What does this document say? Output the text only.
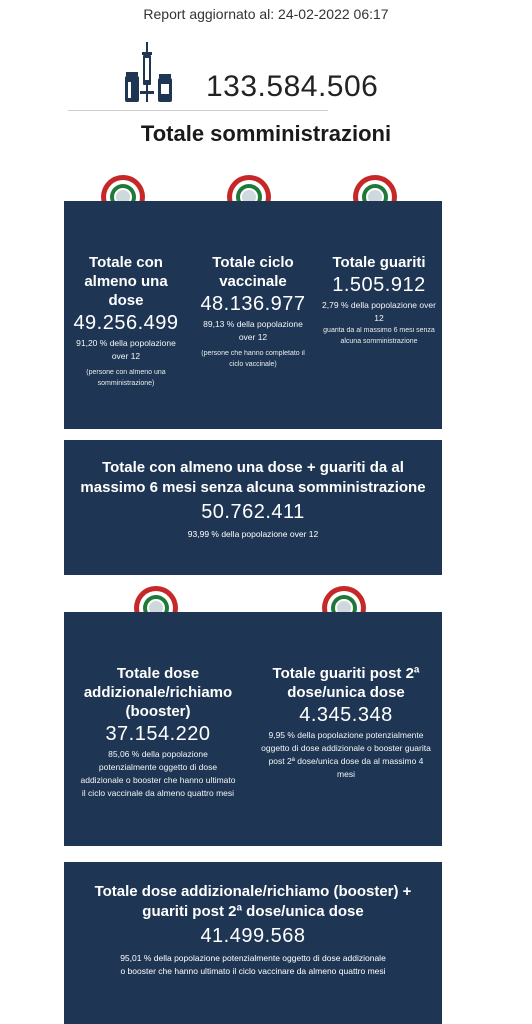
Report aggiornato al: 24-02-2022 06:17
133.584.506
Totale somministrazioni
Totale con almeno una dose
49.256.499
91,20 % della popolazione over 12
(persone con almeno una somministrazione)
Totale ciclo vaccinale
48.136.977
89,13 % della popolazione over 12
(persone che hanno completato il ciclo vaccinale)
Totale guariti
1.505.912
2,79 % della popolazione over 12
guarita da al massimo 6 mesi senza alcuna somministrazione
Totale con almeno una dose + guariti da al massimo 6 mesi senza alcuna somministrazione
50.762.411
93,99 % della popolazione over 12
Totale dose addizionale/richiamo (booster)
37.154.220
85,06 % della popolazione potenzialmente oggetto di dose addizionale o booster che hanno ultimato il ciclo vaccinale da almeno quattro mesi
Totale guariti post 2ª dose/unica dose
4.345.348
9,95 % della popolazione potenzialmente oggetto di dose addizionale o booster guarita post 2ª dose/unica dose da al massimo 4 mesi
Totale dose addizionale/richiamo (booster) + guariti post 2ª dose/unica dose
41.499.568
95,01 % della popolazione potenzialmente oggetto di dose addizionale o booster che hanno ultimato il ciclo vaccinare da almeno quattro mesi
